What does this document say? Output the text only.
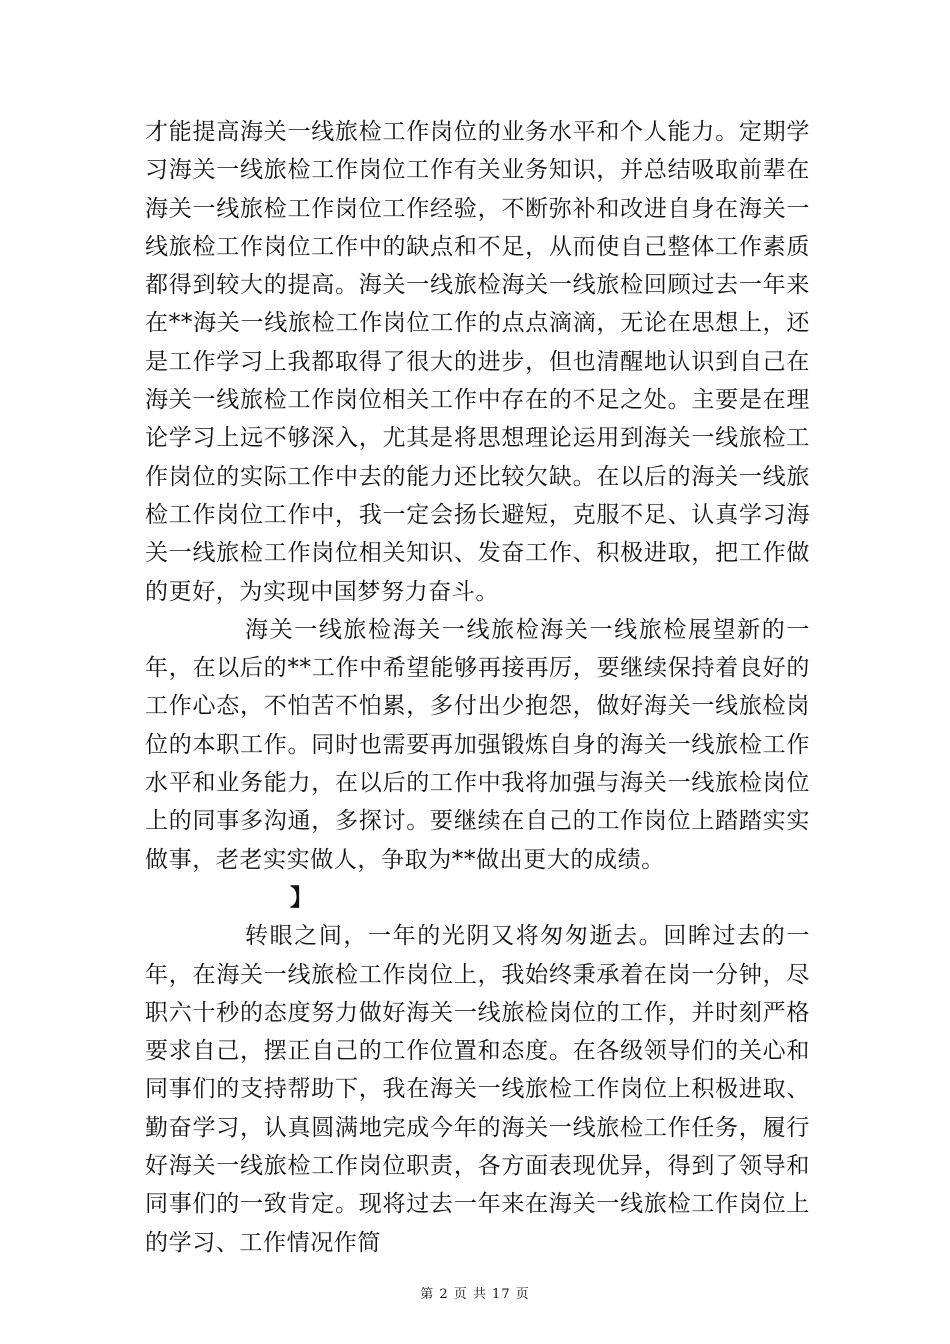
才能提高海关一线旅检工作岗位的业务水平和个人能力。定期学习海关一线旅检工作岗位工作有关业务知识，并总结吸取前辈在海关一线旅检工作岗位工作经验，不断弥补和改进自身在海关一线旅检工作岗位工作中的缺点和不足，从而使自己整体工作素质都得到较大的提高。海关一线旅检海关一线旅检回顾过去一年来在**海关一线旅检工作岗位工作的点点滴滴，无论在思想上，还是工作学习上我都取得了很大的进步，但也清醒地认识到自己在海关一线旅检工作岗位相关工作中存在的不足之处。主要是在理论学习上远不够深入，尤其是将思想理论运用到海关一线旅检工作岗位的实际工作中去的能力还比较欠缺。在以后的海关一线旅检工作岗位工作中，我一定会扬长避短，克服不足、认真学习海关一线旅检工作岗位相关知识、发奋工作、积极进取，把工作做的更好，为实现中国梦努力奋斗。

海关一线旅检海关一线旅检海关一线旅检展望新的一年，在以后的**工作中希望能够再接再厉，要继续保持着良好的工作心态，不怕苦不怕累，多付出少抱怨，做好海关一线旅检岗位的本职工作。同时也需要再加强锻炼自身的海关一线旅检工作水平和业务能力，在以后的工作中我将加强与海关一线旅检岗位上的同事多沟通，多探讨。要继续在自己的工作岗位上踏踏实实做事，老老实实做人，争取为**做出更大的成绩。

】

转眼之间，一年的光阴又将匆匆逝去。回眸过去的一年，在海关一线旅检工作岗位上，我始终秉承着在岗一分钟，尽职六十秒的态度努力做好海关一线旅检岗位的工作，并时刻严格要求自己，摆正自己的工作位置和态度。在各级领导们的关心和同事们的支持帮助下，我在海关一线旅检工作岗位上积极进取、勤奋学习，认真圆满地完成今年的海关一线旅检工作任务，履行好海关一线旅检工作岗位职责，各方面表现优异，得到了领导和同事们的一致肯定。现将过去一年来在海关一线旅检工作岗位上的学习、工作情况作简

第 2 页 共 17 页
